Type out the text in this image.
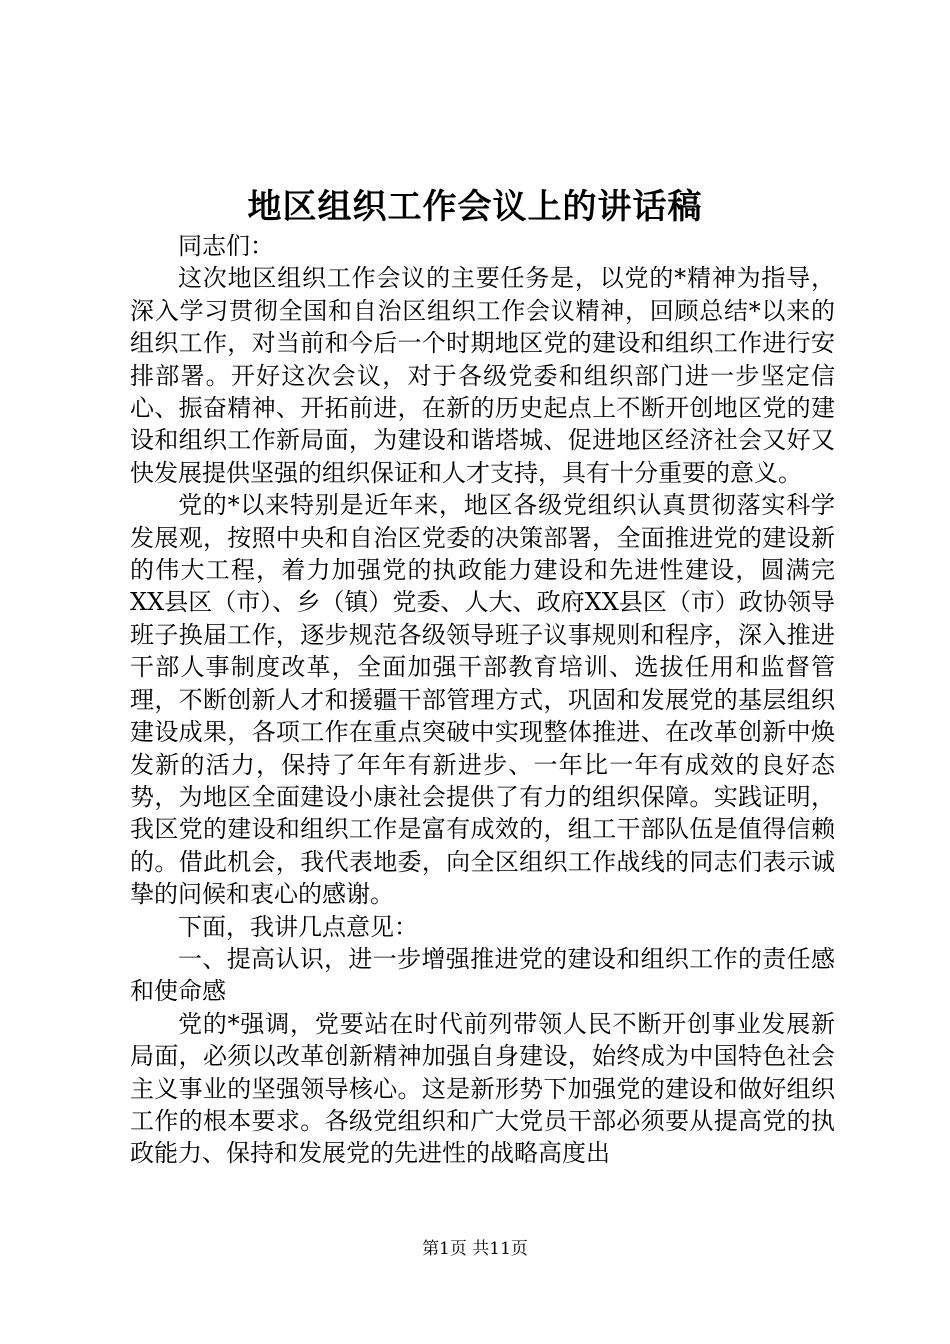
地区组织工作会议上的讲话稿

同志们：

这次地区组织工作会议的主要任务是，以党的*精神为指导，深入学习贯彻全国和自治区组织工作会议精神，回顾总结*以来的组织工作，对当前和今后一个时期地区党的建设和组织工作进行安排部署。开好这次会议，对于各级党委和组织部门进一步坚定信心、振奋精神、开拓前进，在新的历史起点上不断开创地区党的建设和组织工作新局面，为建设和谐塔城、促进地区经济社会又好又快发展提供坚强的组织保证和人才支持，具有十分重要的意义。

党的*以来特别是近年来，地区各级党组织认真贯彻落实科学发展观，按照中央和自治区党委的决策部署，全面推进党的建设新的伟大工程，着力加强党的执政能力建设和先进性建设，圆满完XX县区（市）、乡（镇）党委、人大、政府XX县区（市）政协领导班子换届工作，逐步规范各级领导班子议事规则和程序，深入推进干部人事制度改革，全面加强干部教育培训、选拔任用和监督管理，不断创新人才和援疆干部管理方式，巩固和发展党的基层组织建设成果，各项工作在重点突破中实现整体推进、在改革创新中焕发新的活力，保持了年年有新进步、一年比一年有成效的良好态势，为地区全面建设小康社会提供了有力的组织保障。实践证明，我区党的建设和组织工作是富有成效的，组工干部队伍是值得信赖的。借此机会，我代表地委，向全区组织工作战线的同志们表示诚挚的问候和衷心的感谢。

下面，我讲几点意见：

一、提高认识，进一步增强推进党的建设和组织工作的责任感和使命感

党的*强调，党要站在时代前列带领人民不断开创事业发展新局面，必须以改革创新精神加强自身建设，始终成为中国特色社会主义事业的坚强领导核心。这是新形势下加强党的建设和做好组织工作的根本要求。各级党组织和广大党员干部必须要从提高党的执政能力、保持和发展党的先进性的战略高度出

第1页 共11页
